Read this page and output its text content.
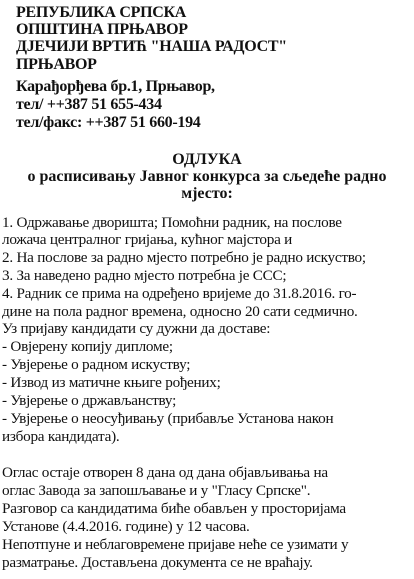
РЕПУБЛИКА СРПСКА
ОПШТИНА ПРЊАВОР
ДЈЕЧИЈИ ВРТИЋ "НАША РАДОСТ"
ПРЊАВОР
Карађорђева бр.1, Прњавор,
тел/ ++387 51 655-434
тел/факс: ++387 51 660-194
ОДЛУКА
о расписивању Јавног конкурса за сљедеће радно
мјесто:
1. Одржавање дворишта; Помоћни радник, на послове
ложача централног гријања, кућног мајстора и
2. На послове за радно мјесто потребно је радно искуство;
3. За наведено радно мјесто потребна је ССС;
4. Радник се прима на одређено вријеме до 31.8.2016. го-
дине на пола радног времена, односно 20 сати седмично.
Уз пријаву кандидати су дужни да доставе:
- Овјерену копију дипломе;
- Увјерење о радном искуству;
- Извод из матичне књиге рођених;
- Увјерење о држављанству;
- Увјерење о неосуђивању (прибавље Установа након
избора кандидата).
Оглас остаје отворен 8 дана од дана објављивања на
оглас Завода за запошљавање и у "Гласу Српске".
Разговор са кандидатима биће обављен у просторијама
Установе (4.4.2016. године) у 12 часова.
Непотпуне и неблаговремене пријаве неће се узимати у
разматрање. Достављена документа се не враћају.
